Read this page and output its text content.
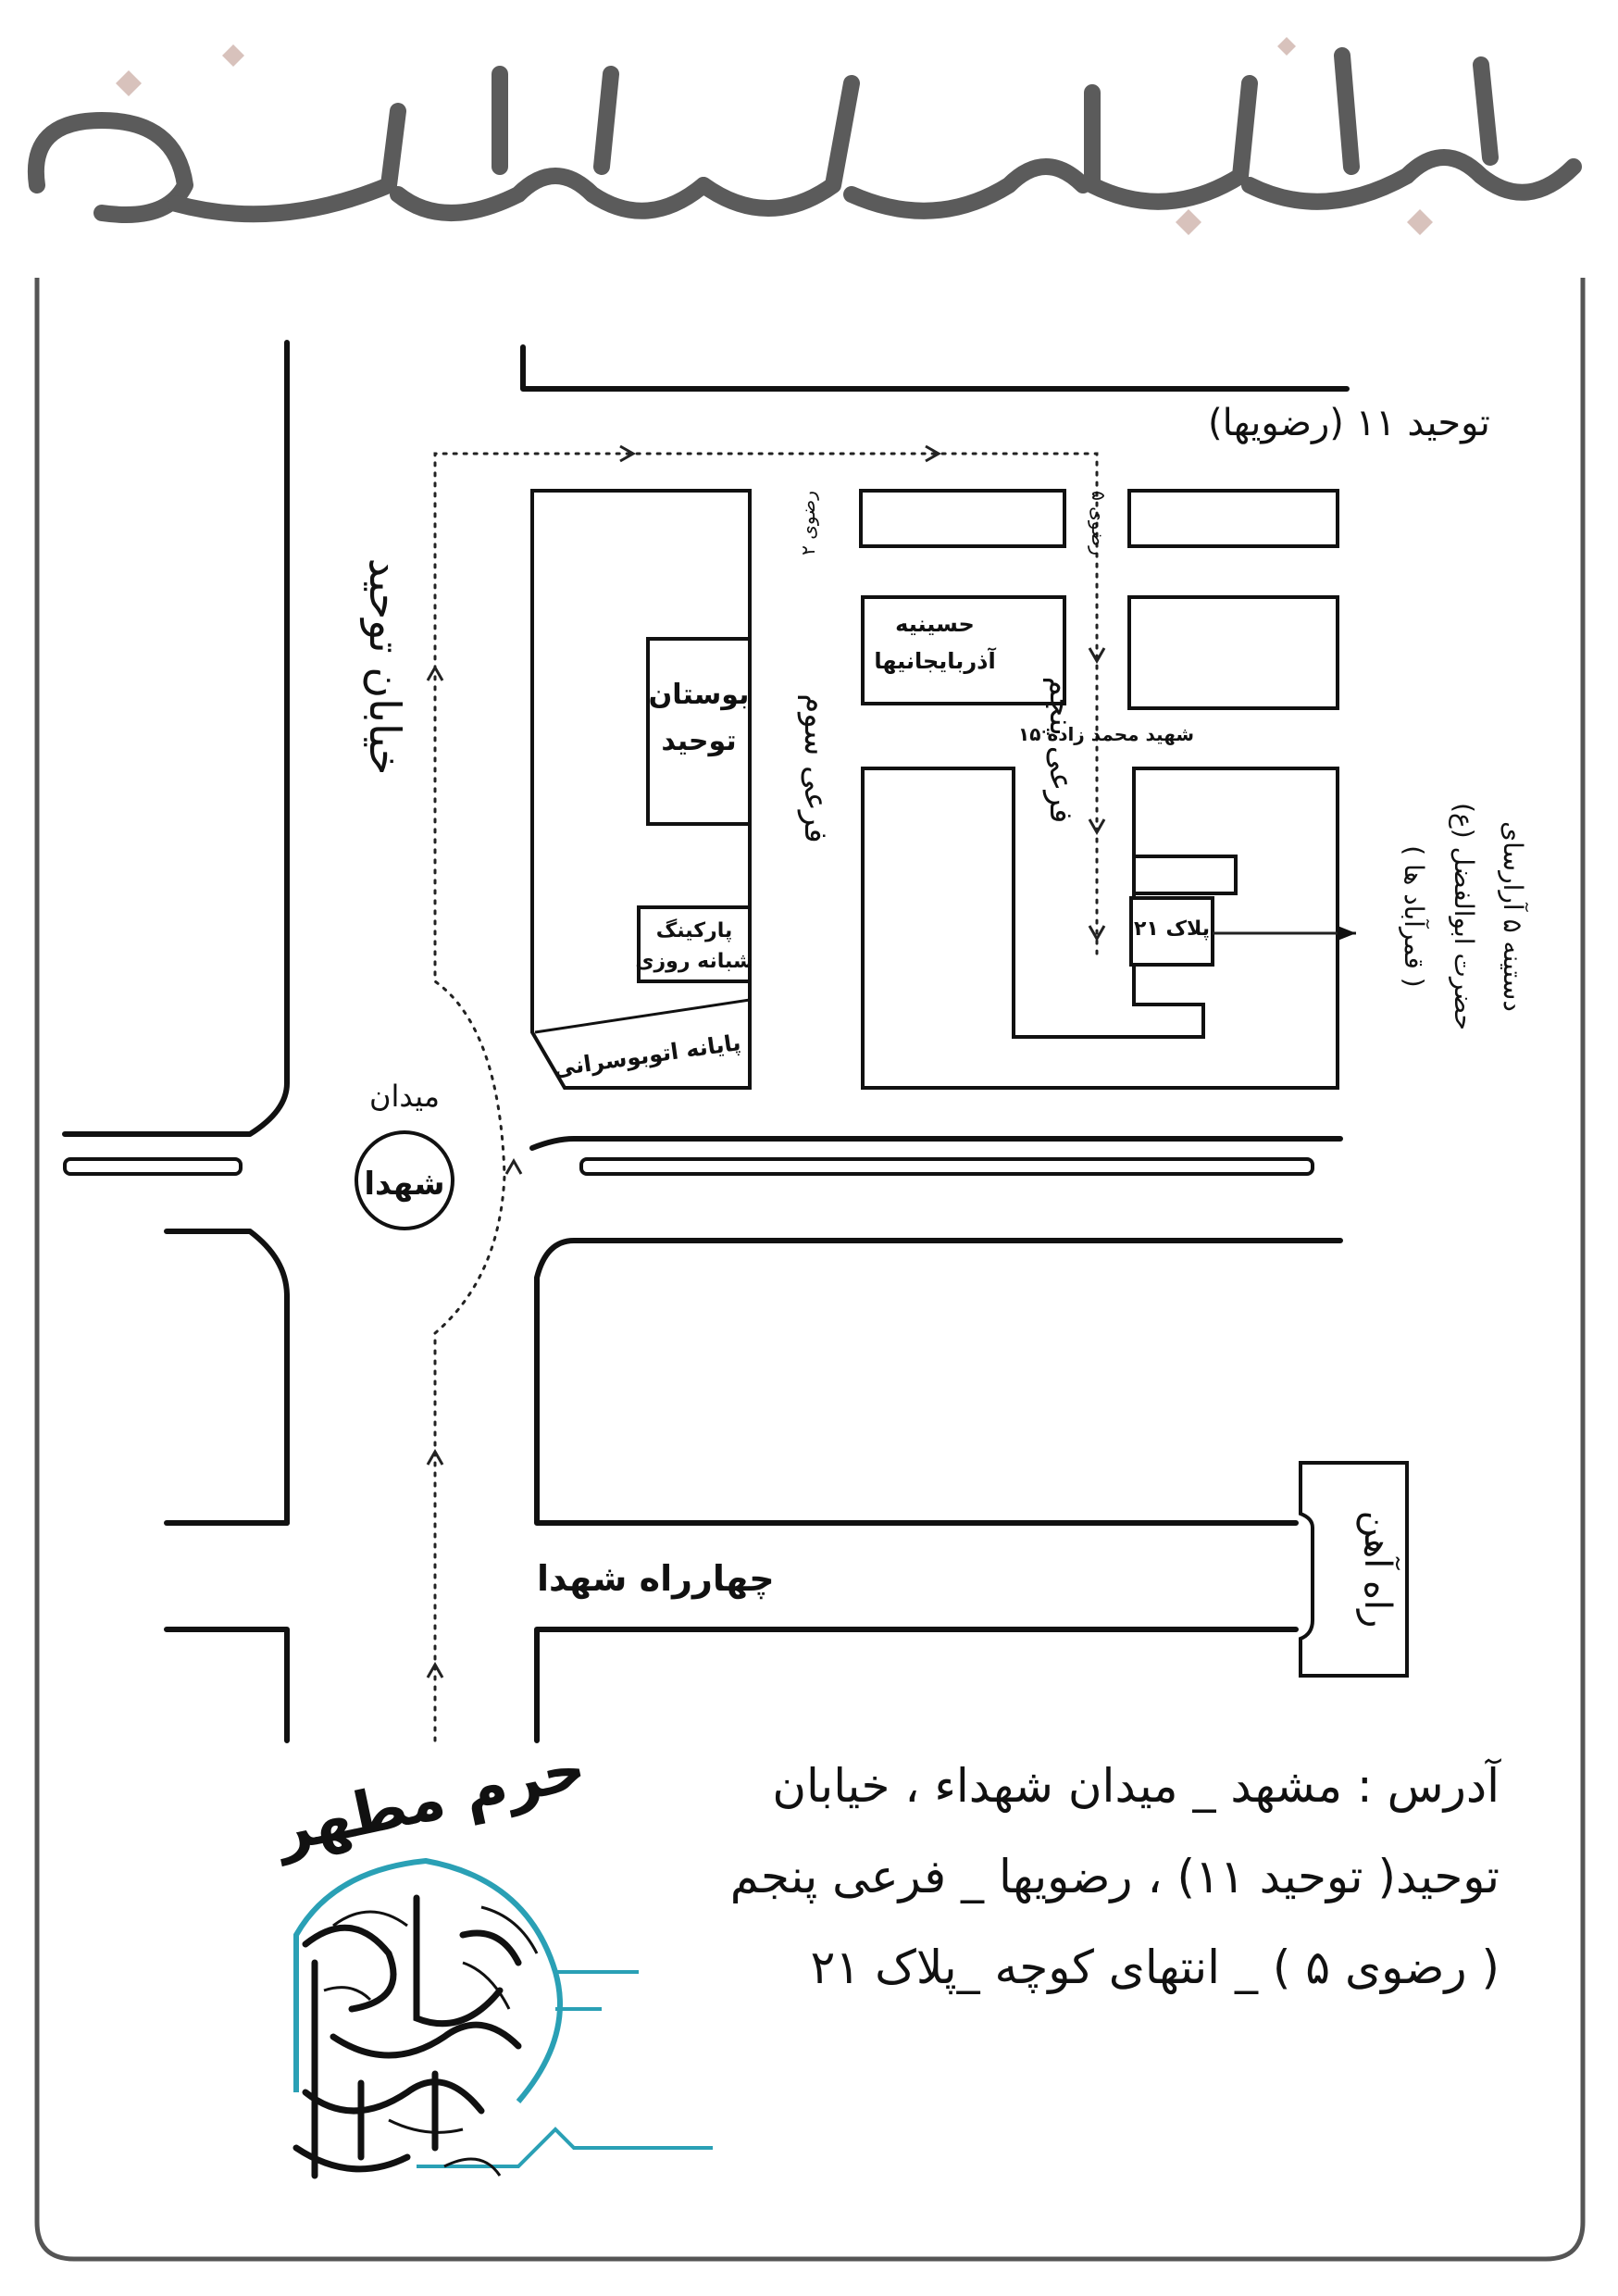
توحید ۱۱ (رضویها)
خیابان توحید
رضوی ۲	رضوی ۵
فرعی سوم	فرعی پنجم
شهید محمد زاده ۱۵
چهارراه شهدا
بوستان
توحید
پارکینگ
شبانه روزی
پایانه اتوبوسرانی
حسینیه
آذربایجانیها
پلاک ۲۱
میدان
شهدا
راه آهن
دستینه ۵ آرارسای
حضرت ابوالفضل (ع)
( قمرآباد ها )
حرم مطهر	آدرس : مشهد _ میدان شهداء ، خیابان
توحید( توحید ۱۱) ، رضویها _ فرعی پنجم
( رضوی ۵ ) _ انتهای کوچه _پلاک ۲۱
